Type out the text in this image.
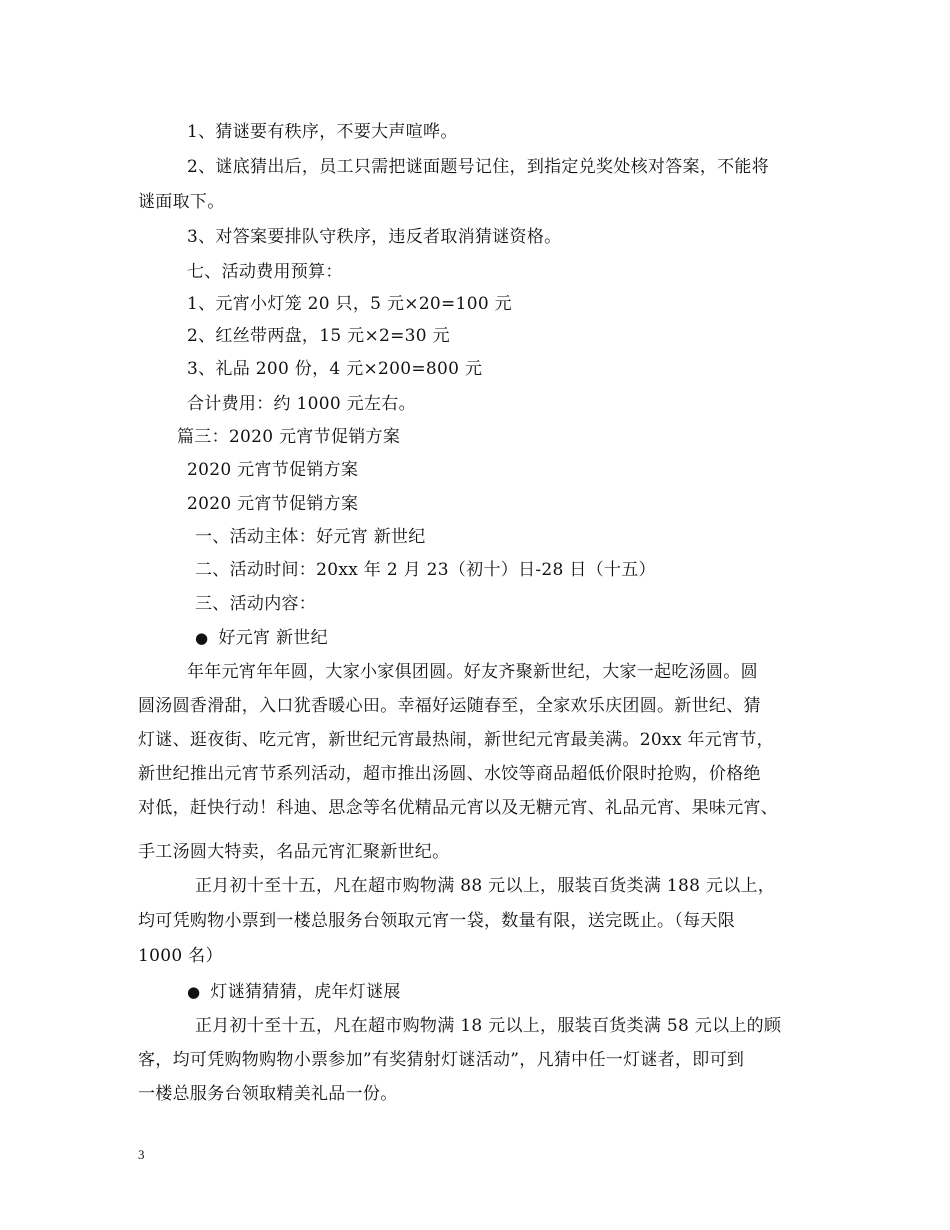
1、猜谜要有秩序，不要大声喧哗。
2、谜底猜出后，员工只需把谜面题号记住，到指定兑奖处核对答案，不能将
谜面取下。
3、对答案要排队守秩序，违反者取消猜谜资格。
七、活动费用预算：
1、元宵小灯笼 20 只，5 元×20=100 元
2、红丝带两盘，15 元×2=30 元
3、礼品 200 份，4 元×200=800 元
合计费用：约 1000 元左右。
篇三：2020 元宵节促销方案
2020 元宵节促销方案
2020 元宵节促销方案
一、活动主体：好元宵 新世纪
二、活动时间：20xx 年 2 月 23（初十）日-28 日（十五）
三、活动内容：
● 好元宵 新世纪
年年元宵年年圆，大家小家俱团圆。好友齐聚新世纪，大家一起吃汤圆。圆
圆汤圆香滑甜，入口犹香暖心田。幸福好运随春至，全家欢乐庆团圆。新世纪、猜
灯谜、逛夜街、吃元宵，新世纪元宵最热闹，新世纪元宵最美满。20xx 年元宵节，
新世纪推出元宵节系列活动，超市推出汤圆、水饺等商品超低价限时抢购，价格绝
对低，赶快行动！科迪、思念等名优精品元宵以及无糖元宵、礼品元宵、果味元宵、
手工汤圆大特卖，名品元宵汇聚新世纪。
正月初十至十五，凡在超市购物满 88 元以上，服装百货类满 188 元以上，
均可凭购物小票到一楼总服务台领取元宵一袋，数量有限，送完既止。（每天限
1000 名）
● 灯谜猜猜猜，虎年灯谜展
正月初十至十五，凡在超市购物满 18 元以上，服装百货类满 58 元以上的顾
客，均可凭购物购物小票参加”有奖猜射灯谜活动”，凡猜中任一灯谜者，即可到
一楼总服务台领取精美礼品一份。
3
